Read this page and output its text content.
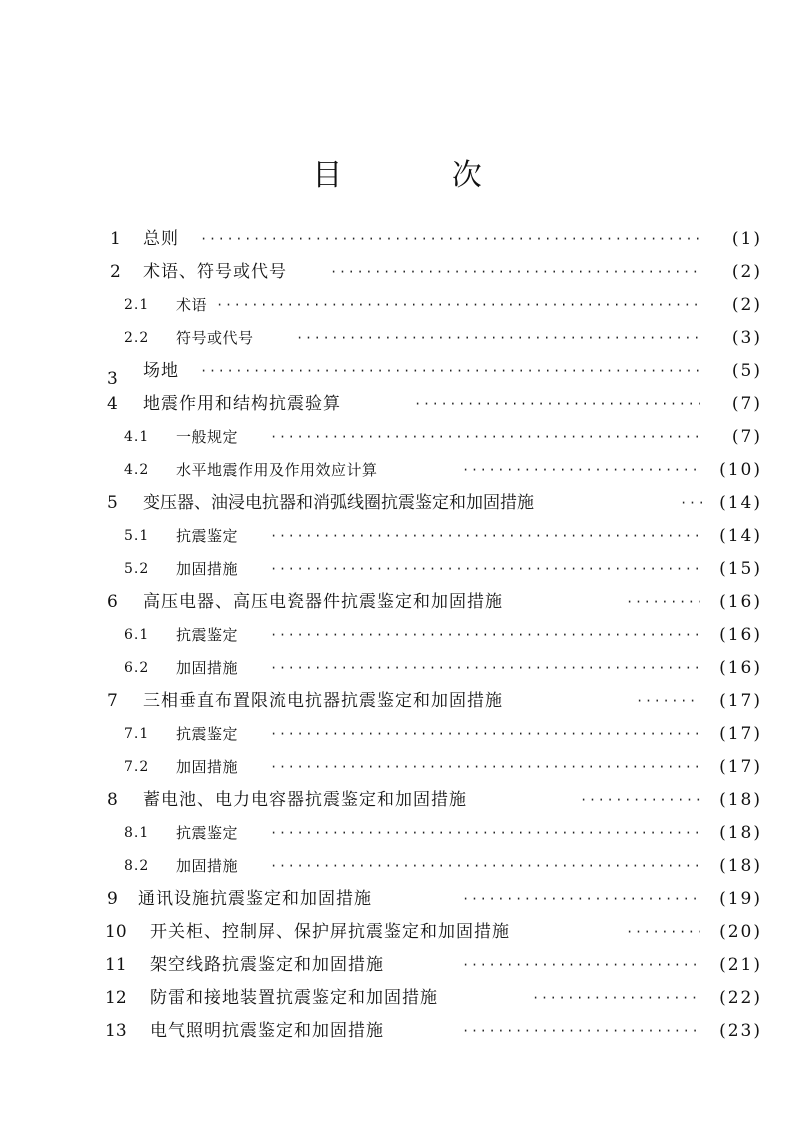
目 次
1 总则 ·····	(1)
2 术语、符号或代号 ·····	(2)
2.1 术语 ·····	(2)
2.2 符号或代号 ·····	(3)
3 场地 ·····	(5)
4 地震作用和结构抗震验算 ·····	(7)
4.1 一般规定 ·····	(7)
4.2 水平地震作用及作用效应计算 ·····	(10)
5 变压器、油浸电抗器和消弧线圈抗震鉴定和加固措施 ·····	(14)
5.1 抗震鉴定 ·····	(14)
5.2 加固措施 ·····	(15)
6 高压电器、高压电瓷器件抗震鉴定和加固措施 ·····	(16)
6.1 抗震鉴定 ·····	(16)
6.2 加固措施 ·····	(16)
7 三相垂直布置限流电抗器抗震鉴定和加固措施 ·····	(17)
7.1 抗震鉴定 ·····	(17)
7.2 加固措施 ·····	(17)
8 蓄电池、电力电容器抗震鉴定和加固措施 ·····	(18)
8.1 抗震鉴定 ·····	(18)
8.2 加固措施 ·····	(18)
9 通讯设施抗震鉴定和加固措施 ·····	(19)
10 开关柜、控制屏、保护屏抗震鉴定和加固措施 ·····	(20)
11 架空线路抗震鉴定和加固措施 ·····	(21)
12 防雷和接地装置抗震鉴定和加固措施 ·····	(22)
13 电气照明抗震鉴定和加固措施 ·····	(23)
